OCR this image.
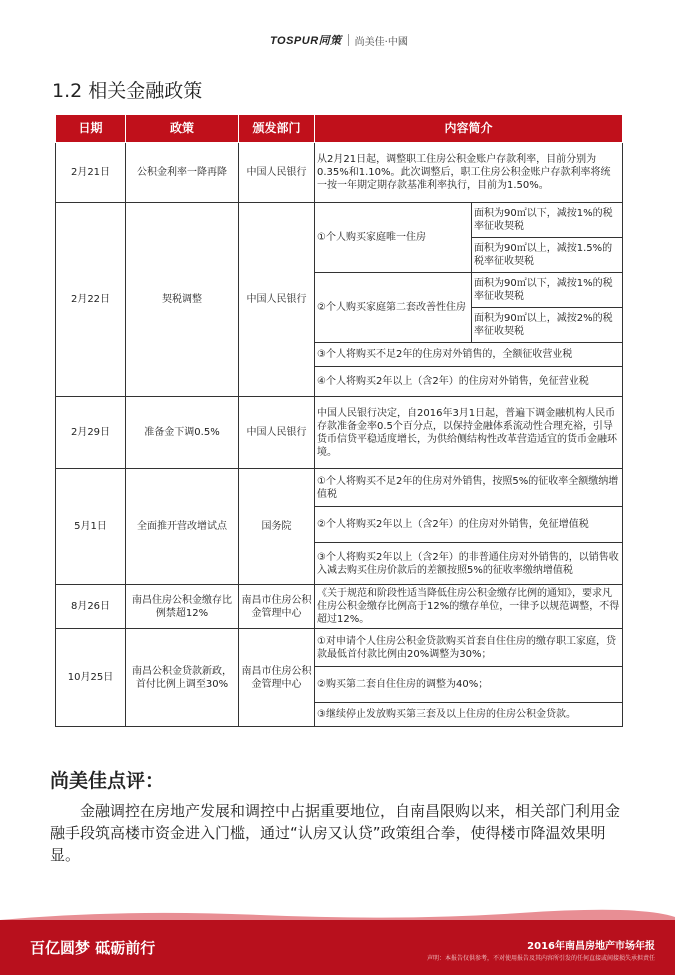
TOSPUR同策 尚美佳·中國
1.2 相关金融政策
日期	政策	颁发部门	内容简介	
2月21日	公积金利率一降再降	中国人民银行	从2月21日起，调整职工住房公积金账户存款利率，目前分别为0.35%和1.10%。此次调整后，职工住房公积金账户存款利率将统一按一年期定期存款基准利率执行，目前为1.50%。	
2月22日	契税调整	中国人民银行	①个人购买家庭唯一住房	面积为90㎡以下，减按1%的税率征收契税
				面积为90㎡以上，减按1.5%的税率征收契税
			②个人购买家庭第二套改善性住房	面积为90㎡以下，减按1%的税率征收契税
				面积为90㎡以上，减按2%的税率征收契税
			③个人将购买不足2年的住房对外销售的，全额征收营业税	
			④个人将购买2年以上（含2年）的住房对外销售，免征营业税	
2月29日	准备金下调0.5%	中国人民银行	中国人民银行决定，自2016年3月1日起，普遍下调金融机构人民币存款准备金率0.5个百分点，以保持金融体系流动性合理充裕，引导货币信贷平稳适度增长，为供给侧结构性改革营造适宜的货币金融环境。	
5月1日	全面推开营改增试点	国务院	①个人将购买不足2年的住房对外销售，按照5%的征收率全额缴纳增值税	
			②个人将购买2年以上（含2年）的住房对外销售，免征增值税	
			③个人将购买2年以上（含2年）的非普通住房对外销售的，以销售收入减去购买住房价款后的差额按照5%的征收率缴纳增值税	
8月26日	南昌住房公积金缴存比例禁超12%	南昌市住房公积金管理中心	《关于规范和阶段性适当降低住房公积金缴存比例的通知》，要求凡住房公积金缴存比例高于12%的缴存单位，一律予以规范调整，不得超过12%。	
10月25日	南昌公积金贷款新政，首付比例上调至30%	南昌市住房公积金管理中心	①对申请个人住房公积金贷款购买首套自住住房的缴存职工家庭，贷款最低首付款比例由20%调整为30%；	
			②购买第二套自住住房的调整为40%；	
			③继续停止发放购买第三套及以上住房的住房公积金贷款。	
尚美佳点评：
金融调控在房地产发展和调控中占据重要地位，自南昌限购以来，相关部门利用金融手段筑高楼市资金进入门槛，通过“认房又认贷”政策组合拳，使得楼市降温效果明显。
百亿圆梦 砥砺前行	2016年南昌房地产市场年报
声明：本报告仅供参考，不对使用报告及其内容所引发的任何直接或间接损失承担责任
